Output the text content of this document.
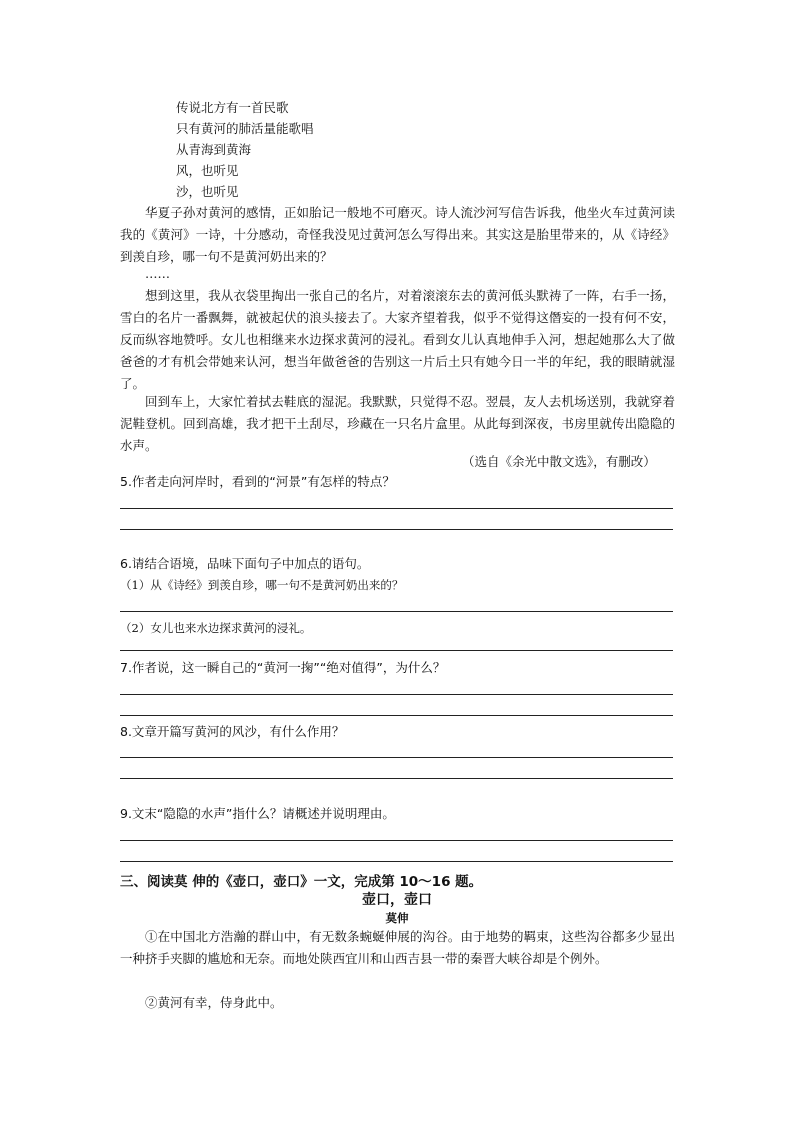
传说北方有一首民歌
只有黄河的肺活量能歌唱
从青海到黄海
风，也听见
沙，也听见

华夏子孙对黄河的感情，正如胎记一般地不可磨灭。诗人流沙河写信告诉我，他坐火车过黄河读我的《黄河》一诗，十分感动，奇怪我没见过黄河怎么写得出来。其实这是胎里带来的，从《诗经》到羡自珍，哪一句不是黄河奶出来的？

……

想到这里，我从衣袋里掏出一张自己的名片，对着滚滚东去的黄河低头默祷了一阵，右手一扬，雪白的名片一番飘舞，就被起伏的浪头接去了。大家齐望着我，似乎不觉得这僭妄的一投有何不安，反而纵容地赞呼。女儿也相继来水边探求黄河的浸礼。看到女儿认真地伸手入河，想起她那么大了做爸爸的才有机会带她来认河，想当年做爸爸的告别这一片后土只有她今日一半的年纪，我的眼睛就湿了。

回到车上，大家忙着拭去鞋底的湿泥。我默默，只觉得不忍。翌晨，友人去机场送别，我就穿着泥鞋登机。回到高雄，我才把干土刮尽，珍藏在一只名片盒里。从此每到深夜，书房里就传出隐隐的水声。

（选自《余光中散文选》，有删改）
5.作者走向河岸时，看到的“河景”有怎样的特点？
6.请结合语境，品味下面句子中加点的语句。
（1）从《诗经》到羡自珍，哪一句不是黄河奶出来的？
（2）女儿也来水边探求黄河的浸礼。
7.作者说，这一瞬自己的“黄河一掬”“绝对值得”，为什么？
8.文章开篇写黄河的风沙，有什么作用？
9.文末“隐隐的水声”指什么？请概述并说明理由。
三、阅读莫 伸的《壶口，壶口》一文，完成第 10～16 题。
壶口，壶口
莫伸

①在中国北方浩瀚的群山中，有无数条蜿蜒伸展的沟谷。由于地势的羁束，这些沟谷都多少显出一种挤手夹脚的尴尬和无奈。而地处陕西宜川和山西吉县一带的秦晋大峡谷却是个例外。

②黄河有幸，侍身此中。
